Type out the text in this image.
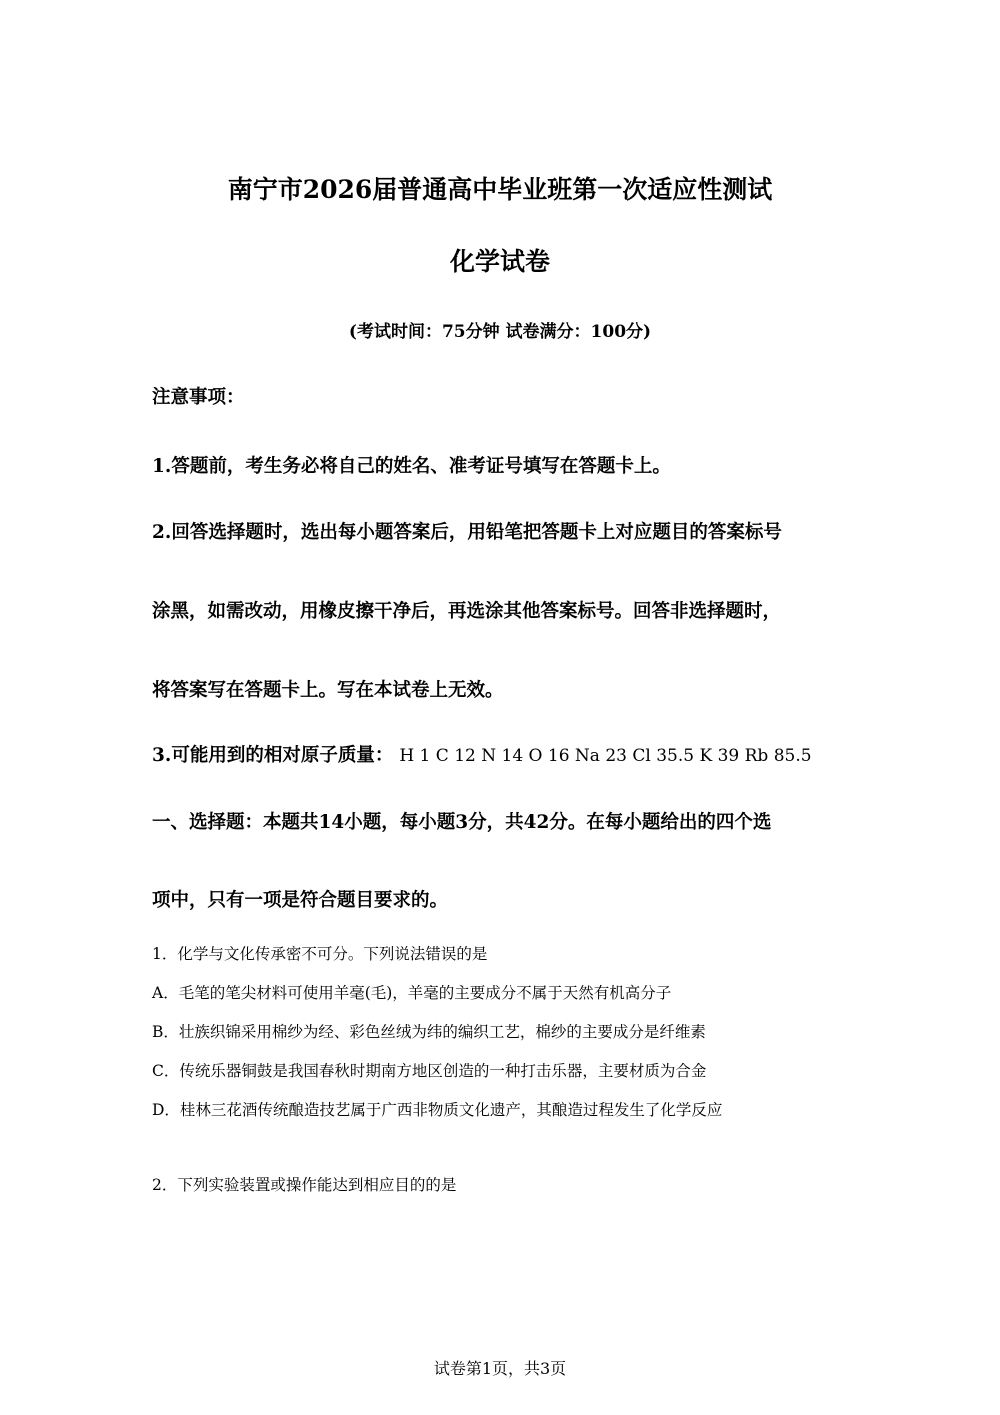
南宁市2026届普通高中毕业班第一次适应性测试
化学试卷
(考试时间：75分钟 试卷满分：100分)
注意事项：
1.答题前，考生务必将自己的姓名、准考证号填写在答题卡上。
2.回答选择题时，选出每小题答案后，用铅笔把答题卡上对应题目的答案标号
涂黑，如需改动，用橡皮擦干净后，再选涂其他答案标号。回答非选择题时，
将答案写在答题卡上。写在本试卷上无效。
3.可能用到的相对原子质量： H 1 C 12 N 14 O 16 Na 23 Cl 35.5 K 39 Rb 85.5
一、选择题：本题共14小题，每小题3分，共42分。在每小题给出的四个选
项中，只有一项是符合题目要求的。
1．化学与文化传承密不可分。下列说法错误的是
A．毛笔的笔尖材料可使用羊毫(毛)，羊毫的主要成分不属于天然有机高分子
B．壮族织锦采用棉纱为经、彩色丝绒为纬的编织工艺，棉纱的主要成分是纤维素
C．传统乐器铜鼓是我国春秋时期南方地区创造的一种打击乐器，主要材质为合金
D．桂林三花酒传统酿造技艺属于广西非物质文化遗产，其酿造过程发生了化学反应
2．下列实验装置或操作能达到相应目的的是
试卷第1页，共3页
